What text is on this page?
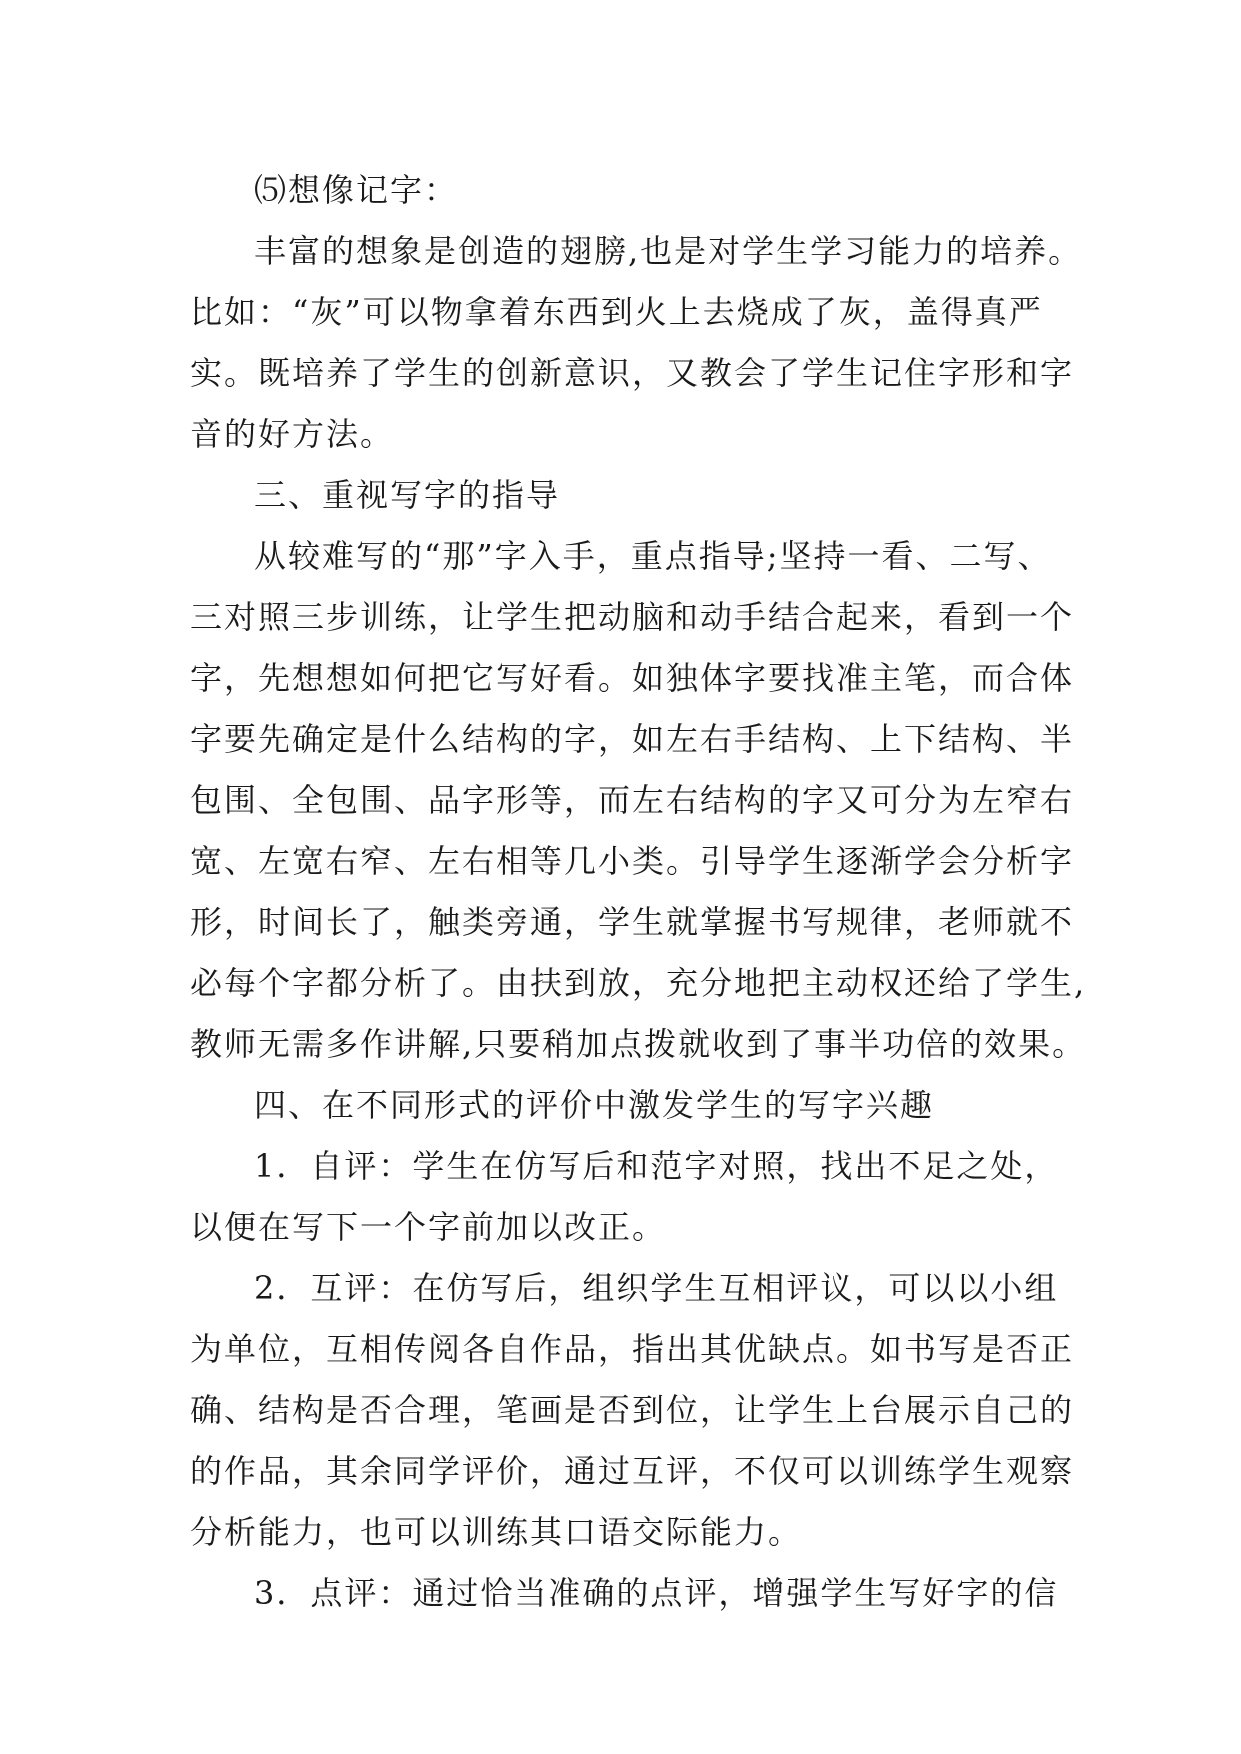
⑸想像记字：
丰富的想象是创造的翅膀,也是对学生学习能力的培养。
比如：“灰”可以物拿着东西到火上去烧成了灰，盖得真严
实。既培养了学生的创新意识，又教会了学生记住字形和字
音的好方法。
三、重视写字的指导
从较难写的“那”字入手，重点指导;坚持一看、二写、
三对照三步训练，让学生把动脑和动手结合起来，看到一个
字，先想想如何把它写好看。如独体字要找准主笔，而合体
字要先确定是什么结构的字，如左右手结构、上下结构、半
包围、全包围、品字形等，而左右结构的字又可分为左窄右
宽、左宽右窄、左右相等几小类。引导学生逐渐学会分析字
形，时间长了，触类旁通，学生就掌握书写规律，老师就不
必每个字都分析了。由扶到放，充分地把主动权还给了学生,
教师无需多作讲解,只要稍加点拨就收到了事半功倍的效果。
四、在不同形式的评价中激发学生的写字兴趣
1．自评：学生在仿写后和范字对照，找出不足之处，
以便在写下一个字前加以改正。
2．互评：在仿写后，组织学生互相评议，可以以小组
为单位，互相传阅各自作品，指出其优缺点。如书写是否正
确、结构是否合理，笔画是否到位，让学生上台展示自己的
的作品，其余同学评价，通过互评，不仅可以训练学生观察
分析能力，也可以训练其口语交际能力。
3．点评：通过恰当准确的点评，增强学生写好字的信
